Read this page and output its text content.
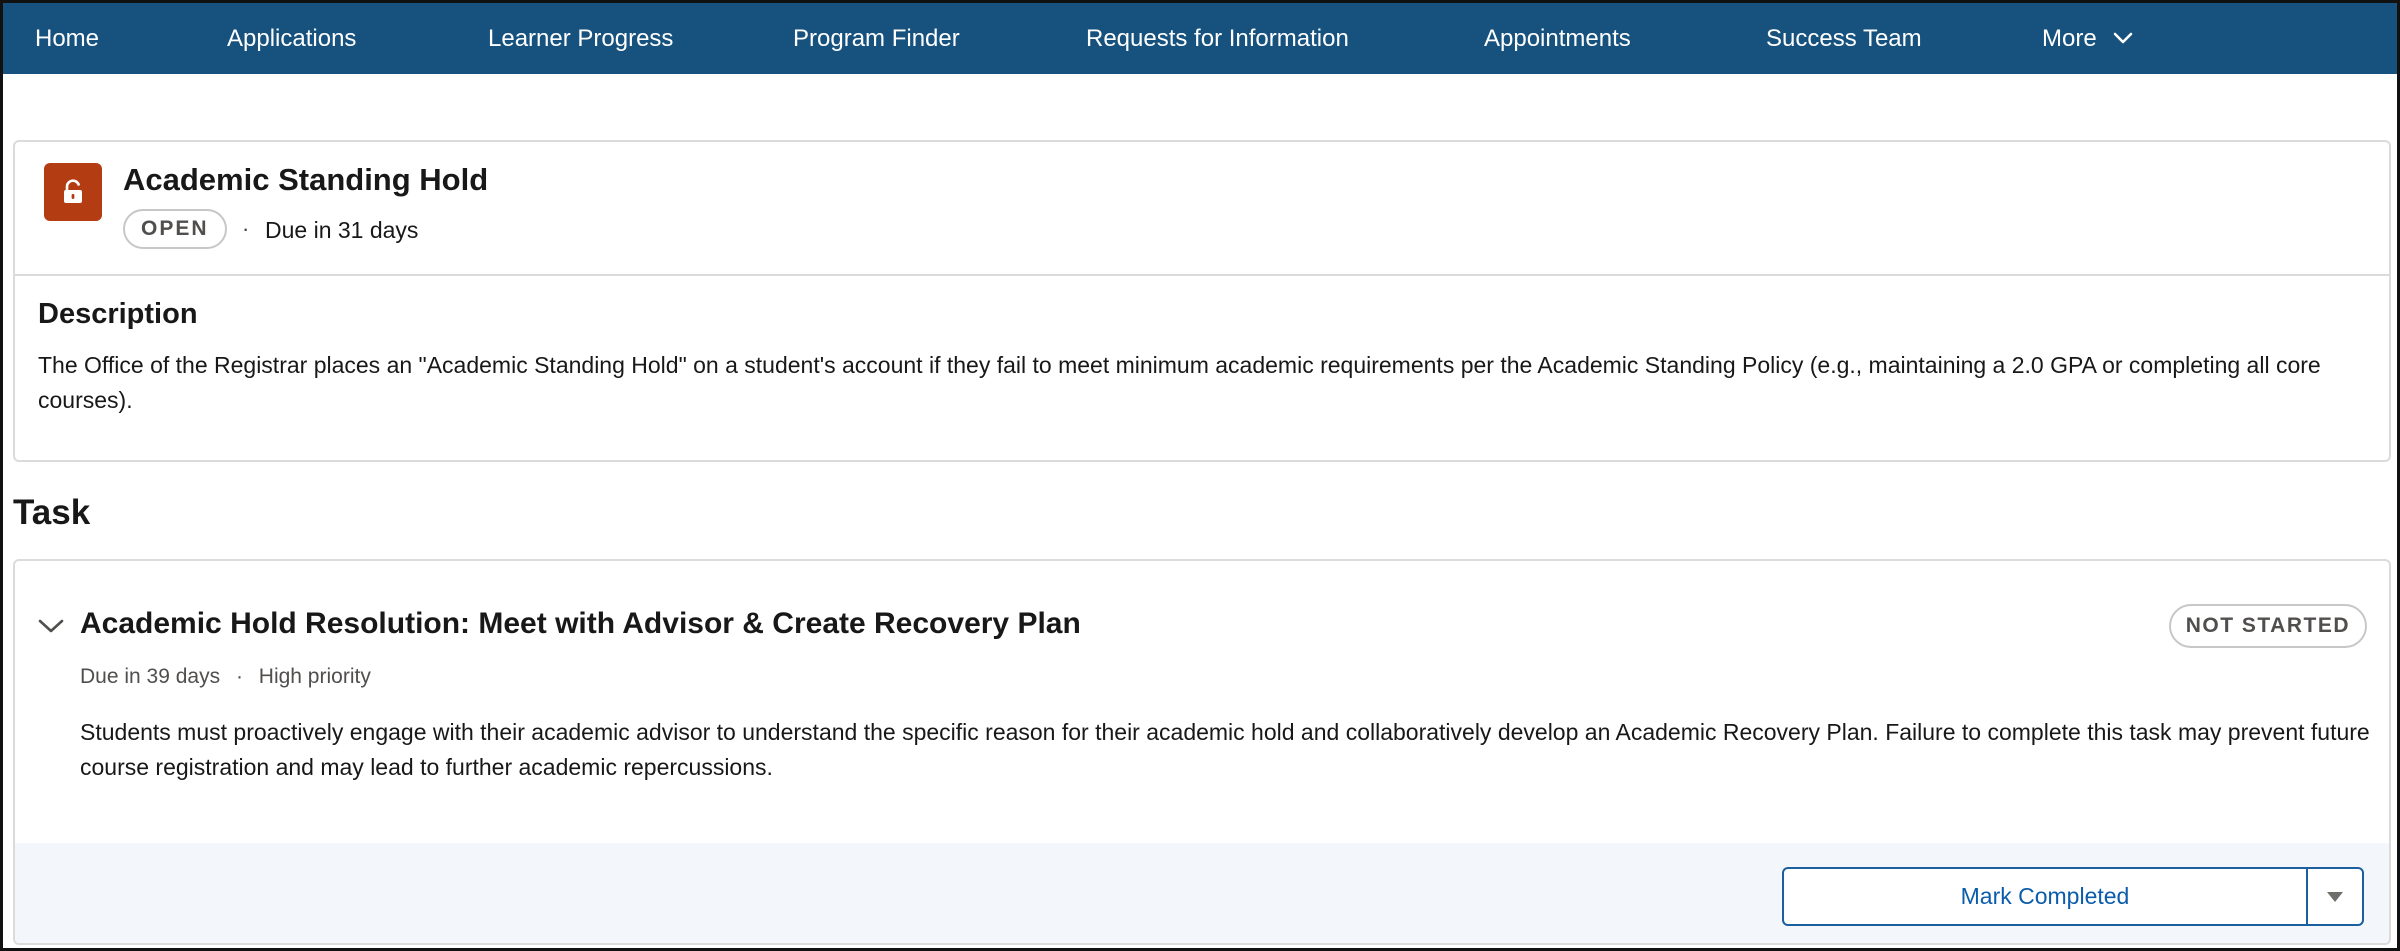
Home	Applications	Learner Progress	Program Finder	Requests for Information	Appointments	Success Team	More
Academic Standing Hold
OPEN	· Due in 31 days
Description

The Office of the Registrar places an "Academic Standing Hold" on a student's account if they fail to meet minimum academic requirements per the Academic Standing Policy (e.g., maintaining a 2.0 GPA or completing all core courses).

Task
Academic Hold Resolution: Meet with Advisor & Create Recovery Plan	NOT STARTED
Due in 39 days · High priority

Students must proactively engage with their academic advisor to understand the specific reason for their academic hold and collaboratively develop an Academic Recovery Plan. Failure to complete this task may prevent future course registration and may lead to further academic repercussions.

Mark Completed
